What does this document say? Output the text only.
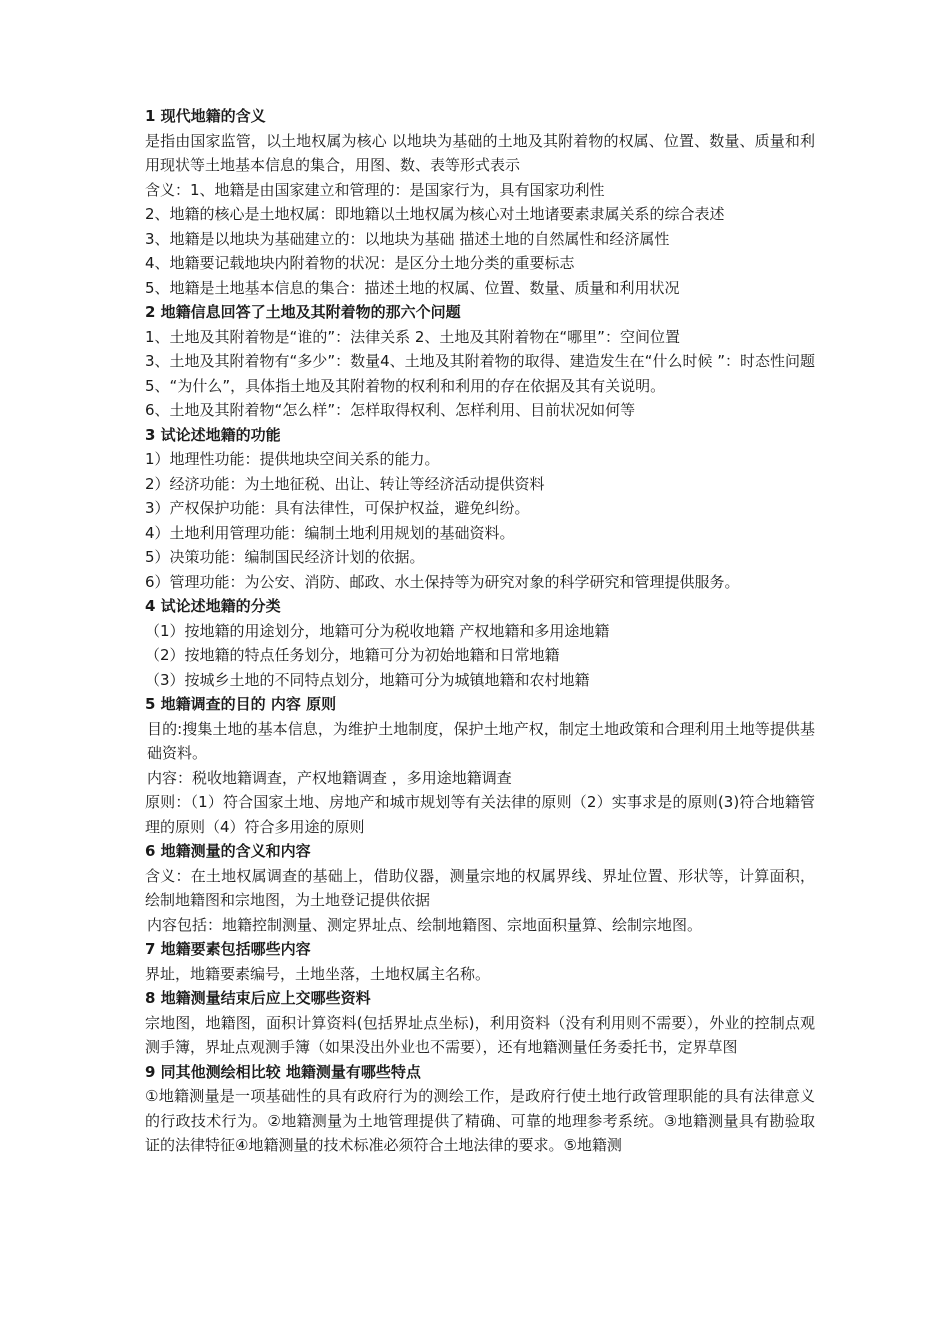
1 现代地籍的含义

是指由国家监管，以土地权属为核心 以地块为基础的土地及其附着物的权属、位置、数量、质量和利用现状等土地基本信息的集合，用图、数、表等形式表示

含义：1、地籍是由国家建立和管理的：是国家行为，具有国家功利性

2、地籍的核心是土地权属：即地籍以土地权属为核心对土地诸要素隶属关系的综合表述

3、地籍是以地块为基础建立的：以地块为基础 描述土地的自然属性和经济属性

4、地籍要记载地块内附着物的状况：是区分土地分类的重要标志

5、地籍是土地基本信息的集合：描述土地的权属、位置、数量、质量和利用状况

2 地籍信息回答了土地及其附着物的那六个问题

1、土地及其附着物是“谁的”：法律关系 2、土地及其附着物在“哪里”：空间位置

3、土地及其附着物有“多少”：数量4、土地及其附着物的取得、建造发生在“什么时候 ”：时态性问题 5、“为什么”，具体指土地及其附着物的权利和利用的存在依据及其有关说明。

6、土地及其附着物“怎么样”：怎样取得权利、怎样利用、目前状况如何等

3 试论述地籍的功能

1）地理性功能：提供地块空间关系的能力。

2）经济功能：为土地征税、出让、转让等经济活动提供资料

3）产权保护功能：具有法律性，可保护权益，避免纠纷。

4）土地利用管理功能：编制土地利用规划的基础资料。

5）决策功能：编制国民经济计划的依据。

6）管理功能：为公安、消防、邮政、水土保持等为研究对象的科学研究和管理提供服务。

4 试论述地籍的分类

（1）按地籍的用途划分，地籍可分为税收地籍 产权地籍和多用途地籍

（2）按地籍的特点任务划分，地籍可分为初始地籍和日常地籍

（3）按城乡土地的不同特点划分，地籍可分为城镇地籍和农村地籍

5 地籍调查的目的 内容 原则

目的:搜集土地的基本信息，为维护土地制度，保护土地产权，制定土地政策和合理利用土地等提供基础资料。

内容：税收地籍调查，产权地籍调查 ，多用途地籍调查

原则：（1）符合国家土地、房地产和城市规划等有关法律的原则（2）实事求是的原则(3)符合地籍管理的原则（4）符合多用途的原则

6 地籍测量的含义和内容

含义：在土地权属调查的基础上，借助仪器，测量宗地的权属界线、界址位置、形状等，计算面积，绘制地籍图和宗地图，为土地登记提供依据

内容包括：地籍控制测量、测定界址点、绘制地籍图、宗地面积量算、绘制宗地图。

7 地籍要素包括哪些内容

界址，地籍要素编号，土地坐落，土地权属主名称。

8 地籍测量结束后应上交哪些资料

宗地图，地籍图，面积计算资料(包括界址点坐标)，利用资料（没有利用则不需要），外业的控制点观测手簿，界址点观测手簿（如果没出外业也不需要），还有地籍测量任务委托书，定界草图

9 同其他测绘相比较 地籍测量有哪些特点

①地籍测量是一项基础性的具有政府行为的测绘工作，是政府行使土地行政管理职能的具有法律意义的行政技术行为。②地籍测量为土地管理提供了精确、可靠的地理参考系统。③地籍测量具有勘验取证的法律特征④地籍测量的技术标准必须符合土地法律的要求。⑤地籍测
